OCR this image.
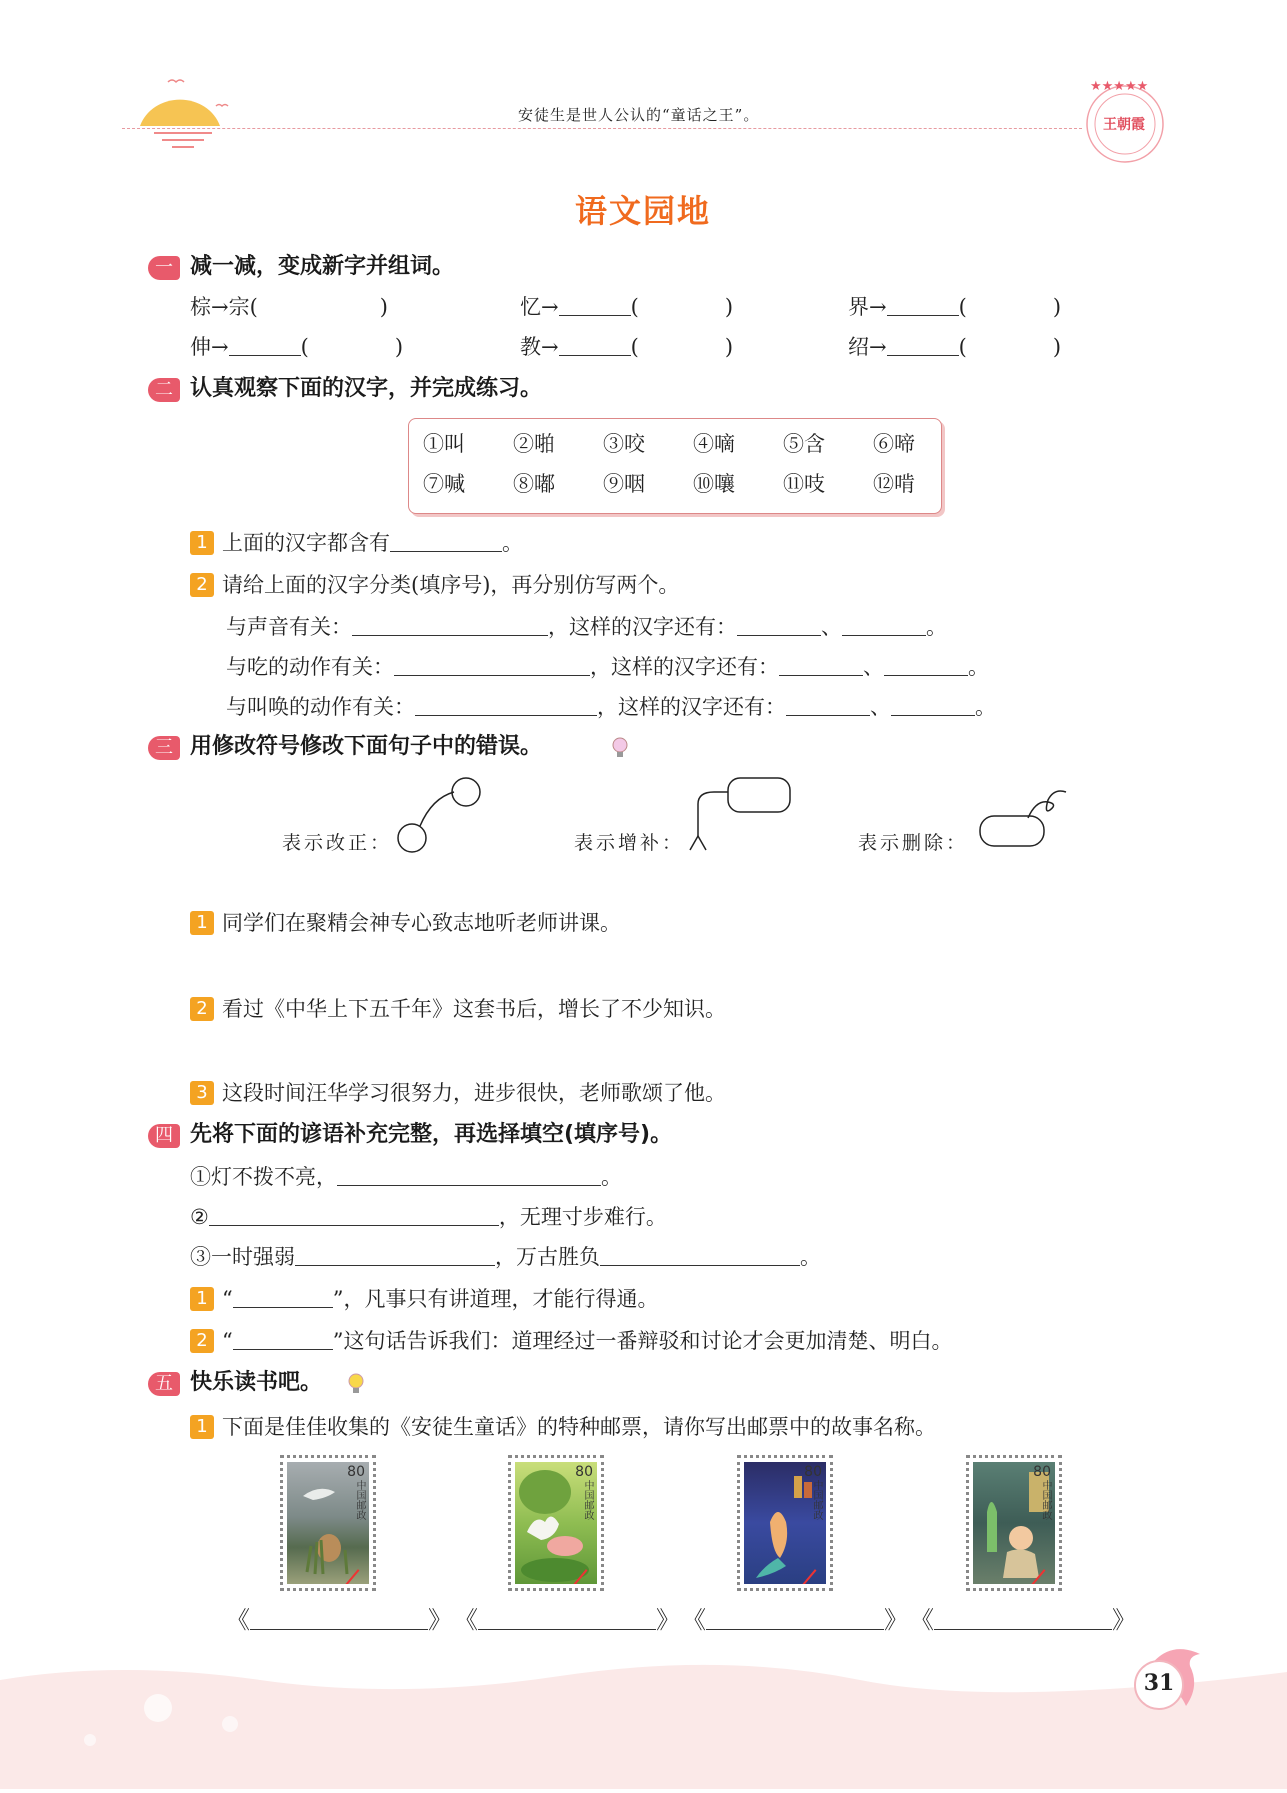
安徒生是世人公认的“童话之王”。
★★★★★
王朝霞
语文园地
一 减一减，变成新字并组词。
棕→宗(	)	忆→	(	)	界→	(	)
伸→	(	)	教→	(	)	绍→	(	)
二 认真观察下面的汉字，并完成练习。
①叫 ②啪 ③咬 ④嘀 ⑤含 ⑥啼
⑦喊 ⑧嘟 ⑨咽 ⑩嚷 ⑪吱 ⑫啃
1 上面的汉字都含有	。
2 请给上面的汉字分类(填序号)，再分别仿写两个。
与声音有关：	，这样的汉字还有：	、	。
与吃的动作有关：	，这样的汉字还有：	、	。
与叫唤的动作有关：	，这样的汉字还有：	、	。
三 用修改符号修改下面句子中的错误。
表示改正：	表示增补：	表示删除：
1 同学们在聚精会神专心致志地听老师讲课。
2 看过《中华上下五千年》这套书后，增长了不少知识。
3 这段时间汪华学习很努力，进步很快，老师歌颂了他。
四 先将下面的谚语补充完整，再选择填空(填序号)。
①灯不拨不亮，	。
②	，无理寸步难行。
③一时强弱	，万古胜负	。
1 “	”，凡事只有讲道理，才能行得通。
2 “	”这句话告诉我们：道理经过一番辩驳和讨论才会更加清楚、明白。
五 快乐读书吧。
1 下面是佳佳收集的《安徒生童话》的特种邮票，请你写出邮票中的故事名称。
80
中国邮政
80
中国邮政
80
中国邮政
80
中国邮政
《	》 《	》 《	》 《	》
31
